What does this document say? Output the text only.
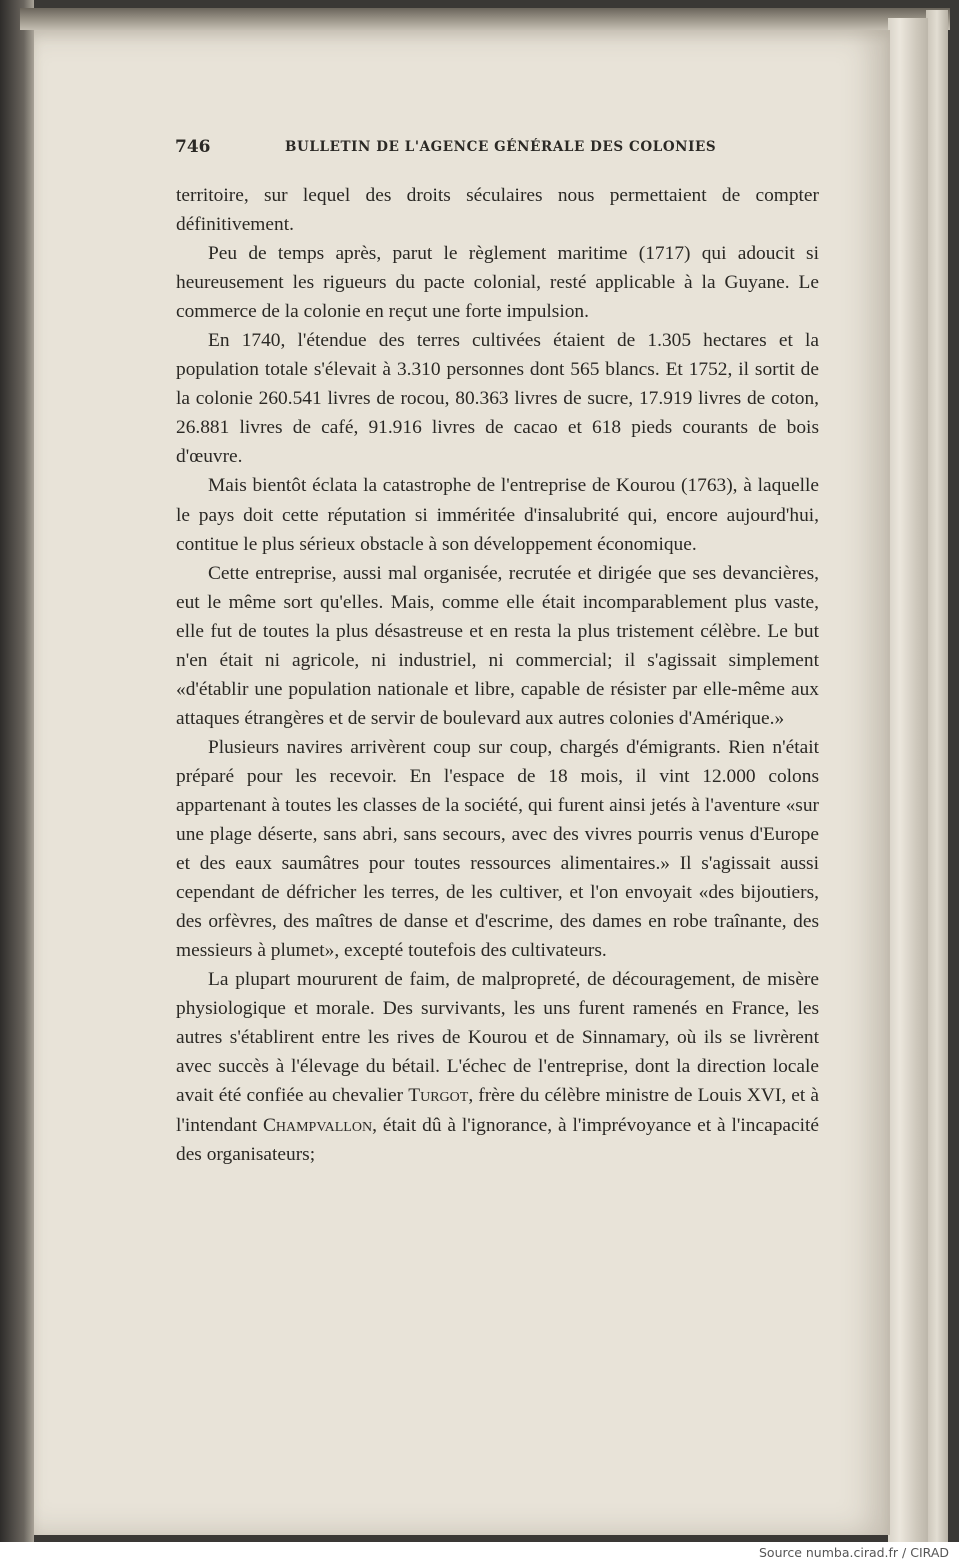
746	BULLETIN DE L'AGENCE GÉNÉRALE DES COLONIES

territoire, sur lequel des droits séculaires nous permettaient de compter définitivement.

Peu de temps après, parut le règlement maritime (1717) qui adoucit si heureusement les rigueurs du pacte colonial, resté applicable à la Guyane. Le commerce de la colonie en reçut une forte impulsion.

En 1740, l'étendue des terres cultivées étaient de 1.305 hectares et la population totale s'élevait à 3.310 personnes dont 565 blancs. Et 1752, il sortit de la colonie 260.541 livres de rocou, 80.363 livres de sucre, 17.919 livres de coton, 26.881 livres de café, 91.916 livres de cacao et 618 pieds courants de bois d'œuvre.

Mais bientôt éclata la catastrophe de l'entreprise de Kourou (1763), à laquelle le pays doit cette réputation si imméritée d'insalubrité qui, encore aujourd'hui, contitue le plus sérieux obstacle à son développement économique.

Cette entreprise, aussi mal organisée, recrutée et dirigée que ses devancières, eut le même sort qu'elles. Mais, comme elle était incomparablement plus vaste, elle fut de toutes la plus désastreuse et en resta la plus tristement célèbre. Le but n'en était ni agricole, ni industriel, ni commercial; il s'agissait simplement «d'établir une population nationale et libre, capable de résister par elle-même aux attaques étrangères et de servir de boulevard aux autres colonies d'Amérique.»

Plusieurs navires arrivèrent coup sur coup, chargés d'émigrants. Rien n'était préparé pour les recevoir. En l'espace de 18 mois, il vint 12.000 colons appartenant à toutes les classes de la société, qui furent ainsi jetés à l'aventure «sur une plage déserte, sans abri, sans secours, avec des vivres pourris venus d'Europe et des eaux saumâtres pour toutes ressources alimentaires.» Il s'agissait aussi cependant de défricher les terres, de les cultiver, et l'on envoyait «des bijoutiers, des orfèvres, des maîtres de danse et d'escrime, des dames en robe traînante, des messieurs à plumet», excepté toutefois des cultivateurs.

La plupart moururent de faim, de malpropreté, de découragement, de misère physiologique et morale. Des survivants, les uns furent ramenés en France, les autres s'établirent entre les rives de Kourou et de Sinnamary, où ils se livrèrent avec succès à l'élevage du bétail. L'échec de l'entreprise, dont la direction locale avait été confiée au chevalier Turgot, frère du célèbre ministre de Louis XVI, et à l'intendant Champvallon, était dû à l'ignorance, à l'imprévoyance et à l'incapacité des organisateurs;

Source numba.cirad.fr / CIRAD
